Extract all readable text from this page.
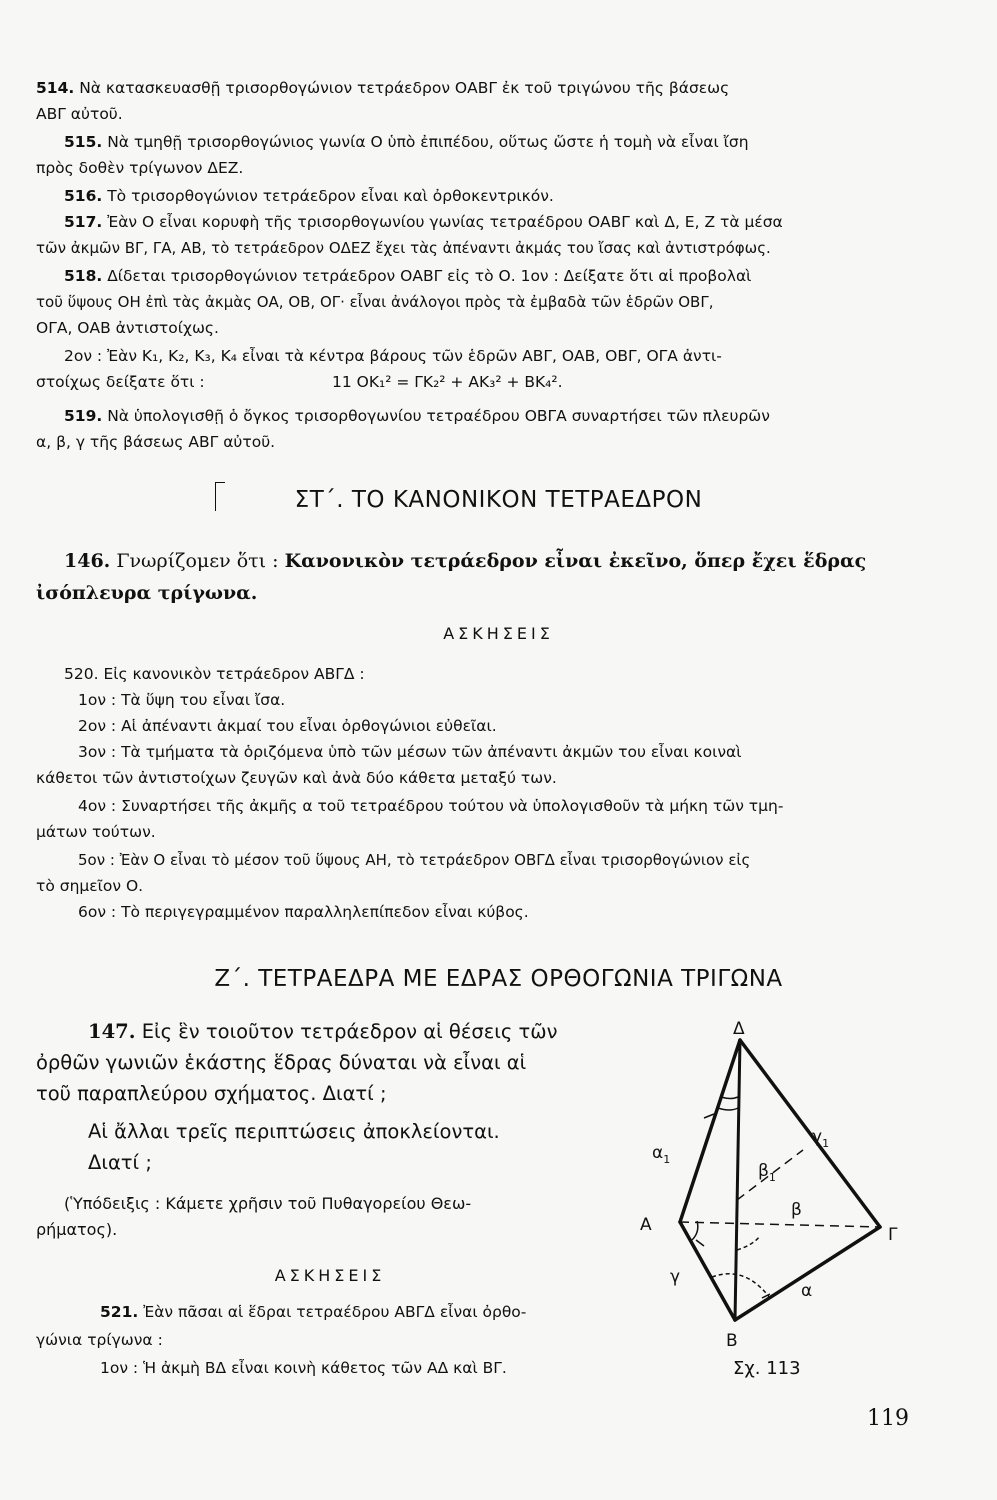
514. Νὰ κατασκευασθῇ τρισορθογώνιον τετράεδρον ΟΑΒΓ ἐκ τοῦ τριγώνου τῆς βάσεως
ΑΒΓ αὐτοῦ.
515. Νὰ τμηθῇ τρισορθογώνιος γωνία Ο ὑπὸ ἐπιπέδου, οὕτως ὥστε ἡ τομὴ νὰ εἶναι ἴση
πρὸς δοθὲν τρίγωνον ΔΕΖ.
516. Τὸ τρισορθογώνιον τετράεδρον εἶναι καὶ ὀρθοκεντρικόν.
517. Ἐὰν Ο εἶναι κορυφὴ τῆς τρισορθογωνίου γωνίας τετραέδρου ΟΑΒΓ καὶ Δ, Ε, Ζ τὰ μέσα
τῶν ἀκμῶν ΒΓ, ΓΑ, ΑΒ, τὸ τετράεδρον ΟΔΕΖ ἔχει τὰς ἀπέναντι ἀκμάς του ἴσας καὶ ἀντιστρόφως.
518. Δίδεται τρισορθογώνιον τετράεδρον ΟΑΒΓ εἰς τὸ Ο. 1ον : Δείξατε ὅτι αἱ προβολαὶ
τοῦ ὕψους ΟΗ ἐπὶ τὰς ἀκμὰς ΟΑ, ΟΒ, ΟΓ· εἶναι ἀνάλογοι πρὸς τὰ ἐμβαδὰ τῶν ἑδρῶν ΟΒΓ,
ΟΓΑ, ΟΑΒ ἀντιστοίχως.
2ον : Ἐὰν Κ₁, Κ₂, Κ₃, Κ₄ εἶναι τὰ κέντρα βάρους τῶν ἑδρῶν ΑΒΓ, ΟΑΒ, ΟΒΓ, ΟΓΑ ἀντι-
στοίχως δείξατε ὅτι :	11 ΟΚ₁² = ΓΚ₂² + ΑΚ₃² + ΒΚ₄².
519. Νὰ ὑπολογισθῇ ὁ ὄγκος τρισορθογωνίου τετραέδρου ΟΒΓΑ συναρτήσει τῶν πλευρῶν
α, β, γ τῆς βάσεως ΑΒΓ αὐτοῦ.
ΣΤ΄. ΤΟ ΚΑΝΟΝΙΚΟΝ ΤΕΤΡΑΕΔΡΟΝ
146. Γνωρίζομεν ὅτι : Κανονικὸν τετράεδρον εἶναι ἐκεῖνο, ὅπερ ἔχει ἕδρας
ἰσόπλευρα τρίγωνα.
ΑΣΚΗΣΕΙΣ
520. Εἰς κανονικὸν τετράεδρον ΑΒΓΔ :
1ον : Τὰ ὕψη του εἶναι ἴσα.
2ον : Αἱ ἀπέναντι ἀκμαί του εἶναι ὀρθογώνιοι εὐθεῖαι.
3ον : Τὰ τμήματα τὰ ὁριζόμενα ὑπὸ τῶν μέσων τῶν ἀπέναντι ἀκμῶν του εἶναι κοιναὶ
κάθετοι τῶν ἀντιστοίχων ζευγῶν καὶ ἀνὰ δύο κάθετα μεταξύ των.
4ον : Συναρτήσει τῆς ἀκμῆς α τοῦ τετραέδρου τούτου νὰ ὑπολογισθοῦν τὰ μήκη τῶν τμη-
μάτων τούτων.
5ον : Ἐὰν Ο εἶναι τὸ μέσον τοῦ ὕψους ΑΗ, τὸ τετράεδρον ΟΒΓΔ εἶναι τρισορθογώνιον εἰς
τὸ σημεῖον Ο.
6ον : Τὸ περιγεγραμμένον παραλληλεπίπεδον εἶναι κύβος.
Ζ΄. ΤΕΤΡΑΕΔΡΑ ΜΕ ΕΔΡΑΣ ΟΡΘΟΓΩΝΙΑ ΤΡΙΓΩΝΑ
147. Εἰς ἓν τοιοῦτον τετράεδρον αἱ θέσεις τῶν
ὀρθῶν γωνιῶν ἑκάστης ἕδρας δύναται νὰ εἶναι αἱ
τοῦ παραπλεύρου σχήματος. Διατί ;
Αἱ ἄλλαι τρεῖς περιπτώσεις ἀποκλείονται.
Διατί ;
(Ὑπόδειξις : Κάμετε χρῆσιν τοῦ Πυθαγορείου Θεω-
ρήματος).
ΑΣΚΗΣΕΙΣ
521. Ἐὰν πᾶσαι αἱ ἕδραι τετραέδρου ΑΒΓΔ εἶναι ὀρθο-
γώνια τρίγωνα :
1ον : Ἡ ἀκμὴ ΒΔ εἶναι κοινὴ κάθετος τῶν ΑΔ καὶ ΒΓ.
Δ
Α
Β
Γ
$\alpha_1$
$\gamma_1$
$\beta_1$
β
γ
α
Σχ. 113
119
